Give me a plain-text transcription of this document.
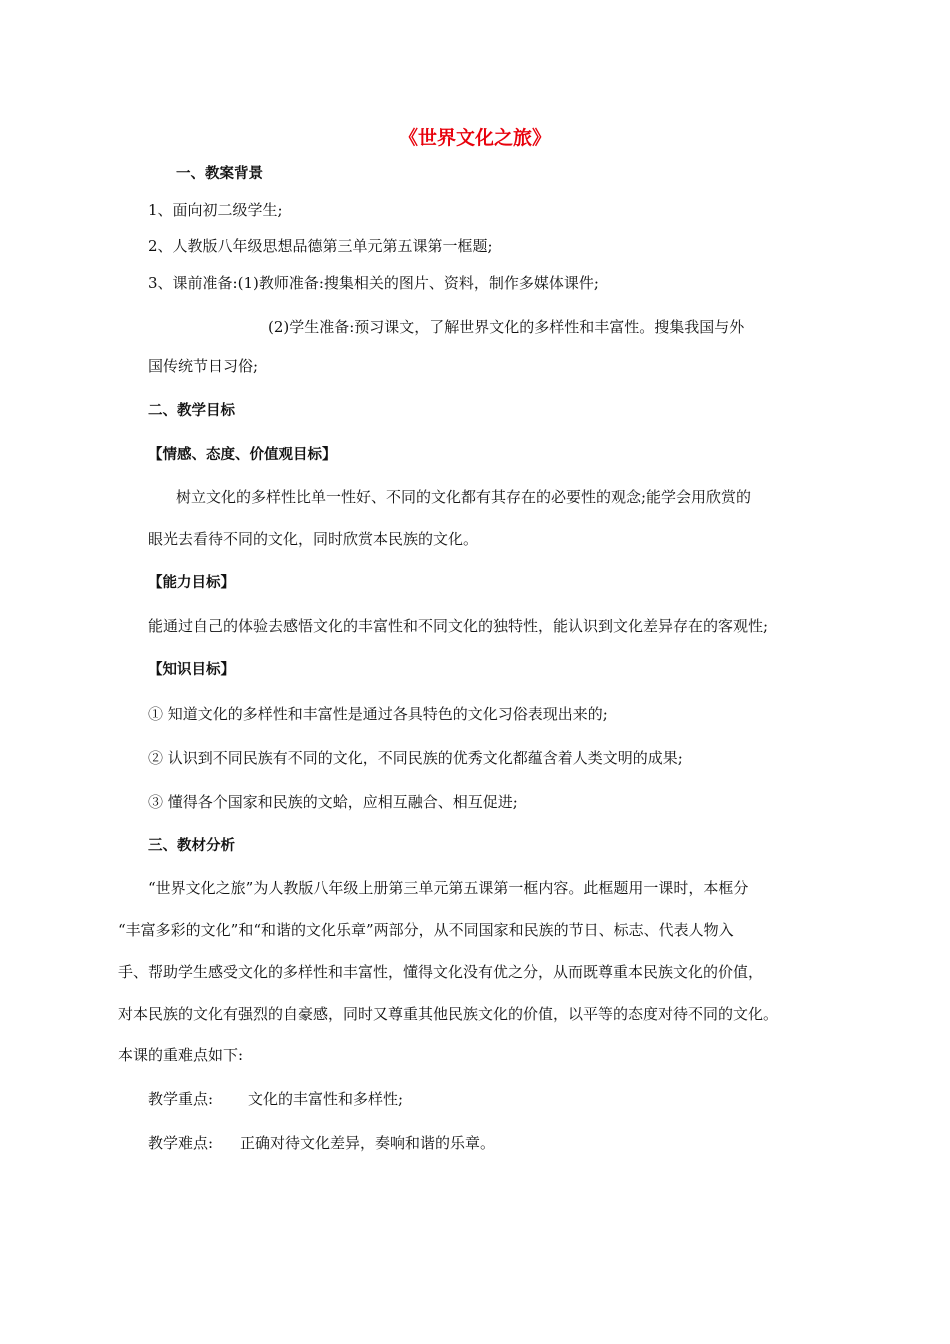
《世界文化之旅》
一、教案背景
1、面向初二级学生;
2、人教版八年级思想品德第三单元第五课第一框题;
3、课前准备:(1)教师准备:搜集相关的图片、资料，制作多媒体课件;
(2)学生准备:预习课文，了解世界文化的多样性和丰富性。搜集我国与外
国传统节日习俗;
二、教学目标
【情感、态度、价值观目标】
树立文化的多样性比单一性好、不同的文化都有其存在的必要性的观念;能学会用欣赏的
眼光去看待不同的文化，同时欣赏本民族的文化。
【能力目标】
能通过自己的体验去感悟文化的丰富性和不同文化的独特性，能认识到文化差异存在的客观性;
【知识目标】
① 知道文化的多样性和丰富性是通过各具特色的文化习俗表现出来的;
② 认识到不同民族有不同的文化，不同民族的优秀文化都蕴含着人类文明的成果;
③ 懂得各个国家和民族的文蛤，应相互融合、相互促进;
三、教材分析
“世界文化之旅”为人教版八年级上册第三单元第五课第一框内容。此框题用一课时，本框分
“丰富多彩的文化”和“和谐的文化乐章”两部分，从不同国家和民族的节日、标志、代表人物入
手、帮助学生感受文化的多样性和丰富性，懂得文化没有优之分，从而既尊重本民族文化的价值，
对本民族的文化有强烈的自豪感，同时又尊重其他民族文化的价值，以平等的态度对待不同的文化。
本课的重难点如下:
教学重点: 文化的丰富性和多样性;
教学难点: 正确对待文化差异，奏响和谐的乐章。
